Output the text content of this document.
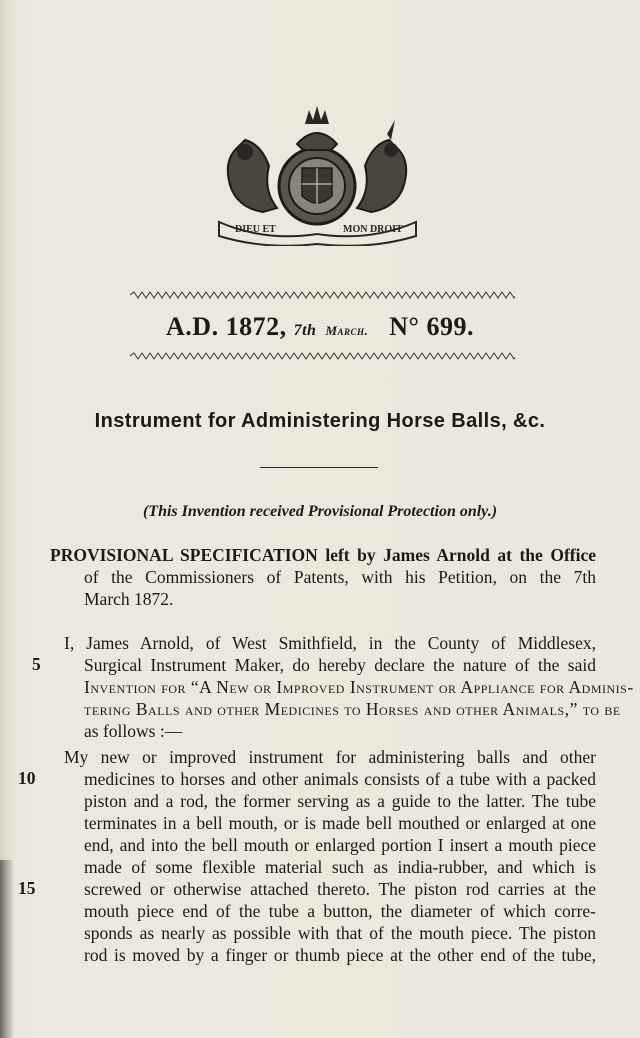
DIEU ET	MON DROIT
A.D. 1872, 7th March. N° 699.
Instrument for Administering Horse Balls, &c.
(This Invention received Provisional Protection only.)
PROVISIONAL SPECIFICATION left by James Arnold at the Office
of the Commissioners of Patents, with his Petition, on the 7th
March 1872.
I, James Arnold, of West Smithfield, in the County of Middlesex,
Surgical Instrument Maker, do hereby declare the nature of the said
Invention for “A New or Improved Instrument or Appliance for Adminis-
tering Balls and other Medicines to Horses and other Animals,” to be
as follows :—
My new or improved instrument for administering balls and other
medicines to horses and other animals consists of a tube with a packed
piston and a rod, the former serving as a guide to the latter. The tube
terminates in a bell mouth, or is made bell mouthed or enlarged at one
end, and into the bell mouth or enlarged portion I insert a mouth piece
made of some flexible material such as india-rubber, and which is
screwed or otherwise attached thereto. The piston rod carries at the
mouth piece end of the tube a button, the diameter of which corre-
sponds as nearly as possible with that of the mouth piece. The piston
rod is moved by a finger or thumb piece at the other end of the tube,
5
10
15
